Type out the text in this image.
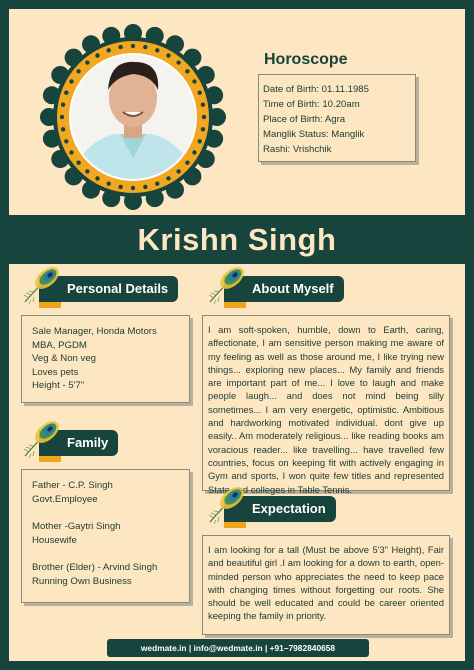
Horoscope
Date of Birth: 01.11.1985
Time of Birth: 10.20am
Place of Birth: Agra
Manglik Status: Manglik
Rashi: Vrishchik
Krishn Singh
Personal Details
Sale Manager, Honda Motors
MBA, PGDM
Veg & Non veg
Loves pets
Height - 5'7"
Family
Father - C.P. Singh
Govt.Employee
Mother -Gaytri Singh
Housewife
Brother (Elder) - Arvind Singh
Running Own Business
About Myself
I am soft-spoken, humble, down to Earth, caring, affectionate, I am sensitive person making me aware of my feeling as well as those around me, I like trying new things... exploring new places... My family and friends are important part of me... I love to laugh and make people laugh... and does not mind being silly sometimes... I am very energetic, optimistic. Ambitious and hardworking motivated individual. dont give up easily.. Am moderately religious... like reading books am voracious reader... like travelling... have travelled few countries, focus on keeping fit with actively engaging in Gym and sports, I won quite few titles and represented State and colleges in Table Tennis.
Expectation
I am looking for a tall (Must be above 5'3" Height), Fair and beautiful girl .I am looking for a down to earth, open-minded person who appreciates the need to keep pace with changing times without forgetting our roots. She should be well educated and could be career oriented keeping the family in priority.
wedmate.in | info@wedmate.in | +91–7982840658
